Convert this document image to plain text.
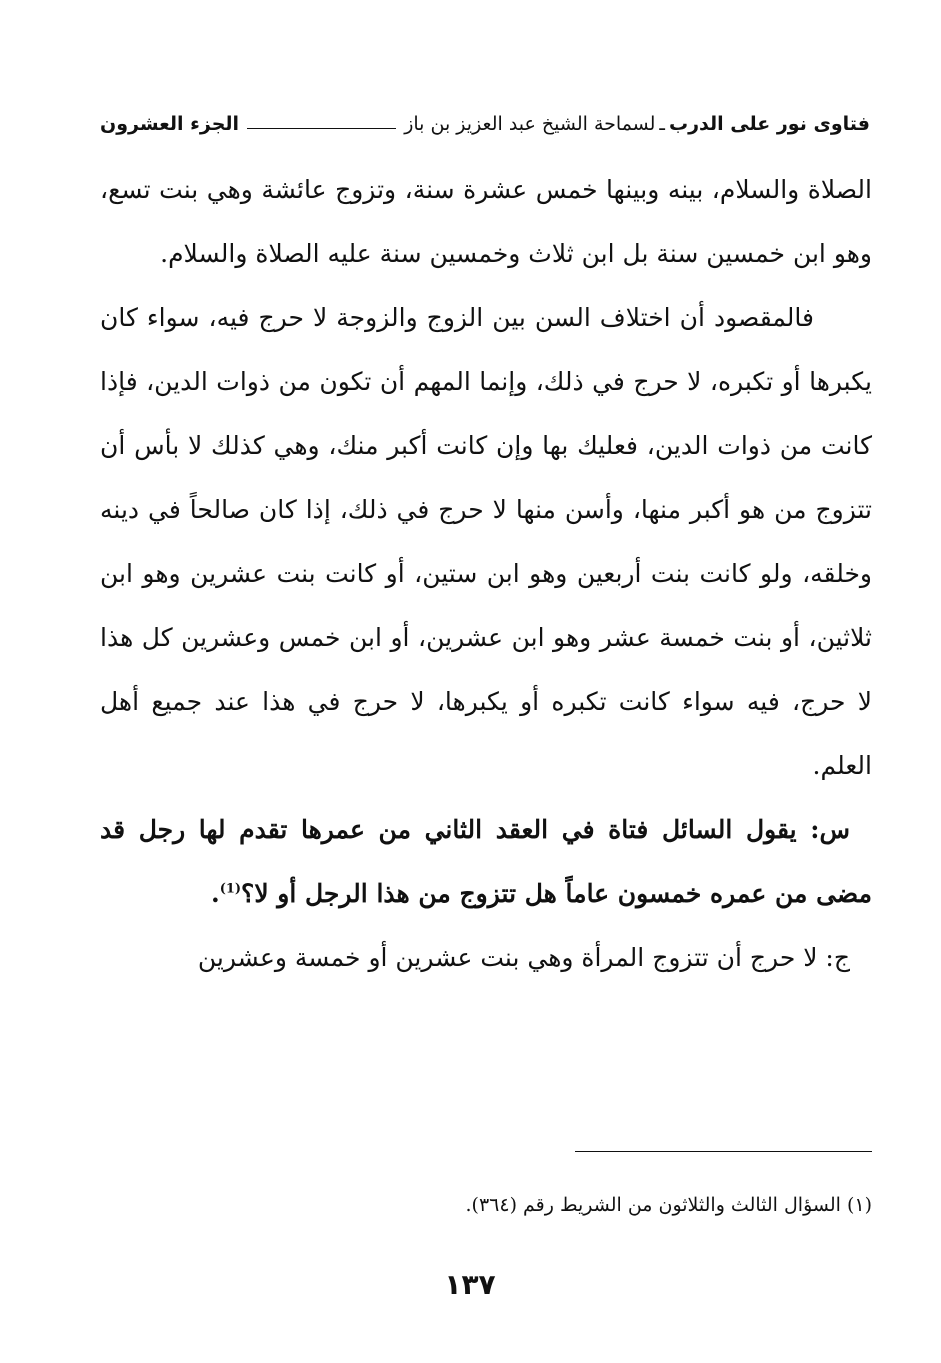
فتاوى نور على الدرب
ـ
لسماحة الشيخ عبد العزيز بن باز
الجزء العشرون

الصلاة والسلام، بينه وبينها خمس عشرة سنة، وتزوج عائشة وهي بنت تسع، وهو ابن خمسين سنة بل ابن ثلاث وخمسين سنة عليه الصلاة والسلام.

فالمقصود أن اختلاف السن بين الزوج والزوجة لا حرج فيه، سواء كان يكبرها أو تكبره، لا حرج في ذلك، وإنما المهم أن تكون من ذوات الدين، فإذا كانت من ذوات الدين، فعليك بها وإن كانت أكبر منك، وهي كذلك لا بأس أن تتزوج من هو أكبر منها، وأسن منها لا حرج في ذلك، إذا كان صالحاً في دينه وخلقه، ولو كانت بنت أربعين وهو ابن ستين، أو كانت بنت عشرين وهو ابن ثلاثين، أو بنت خمسة عشر وهو ابن عشرين، أو ابن خمس وعشرين كل هذا لا حرج، فيه سواء كانت تكبره أو يكبرها، لا حرج في هذا عند جميع أهل العلم.

س: يقول السائل فتاة في العقد الثاني من عمرها تقدم لها رجل قد مضى من عمره خمسون عاماً هل تتزوج من هذا الرجل أو لا؟$^{(1)}$.

ج: لا حرج أن تتزوج المرأة وهي بنت عشرين أو خمسة وعشرين

(١) السؤال الثالث والثلاثون من الشريط رقم (٣٦٤).
١٣٧
